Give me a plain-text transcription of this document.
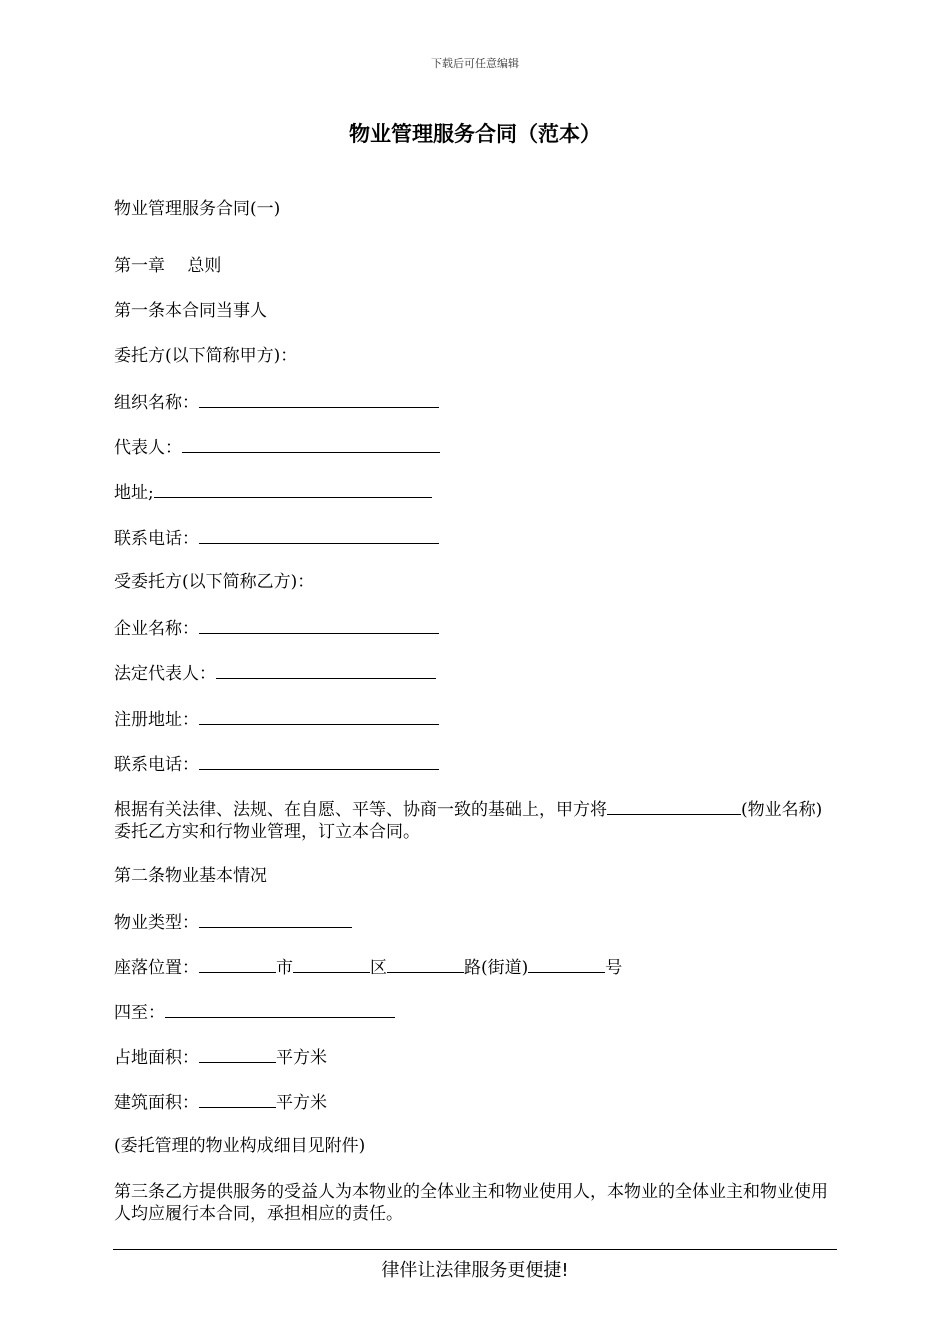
下载后可任意编辑
物业管理服务合同（范本）
物业管理服务合同(一)
第一章　 总则
第一条本合同当事人
委托方(以下简称甲方)：
组织名称：
代表人：
地址;
联系电话：
受委托方(以下简称乙方)：
企业名称：
法定代表人：
注册地址：
联系电话：
根据有关法律、法规、在自愿、平等、协商一致的基础上，甲方将	(物业名称)委托乙方实和行物业管理，订立本合同。
第二条物业基本情况
物业类型：
座落位置：	市	区	路(街道)	号
四至：
占地面积：	平方米
建筑面积：	平方米
(委托管理的物业构成细目见附件)
第三条乙方提供服务的受益人为本物业的全体业主和物业使用人，本物业的全体业主和物业使用人均应履行本合同，承担相应的责任。
律伴让法律服务更便捷!
